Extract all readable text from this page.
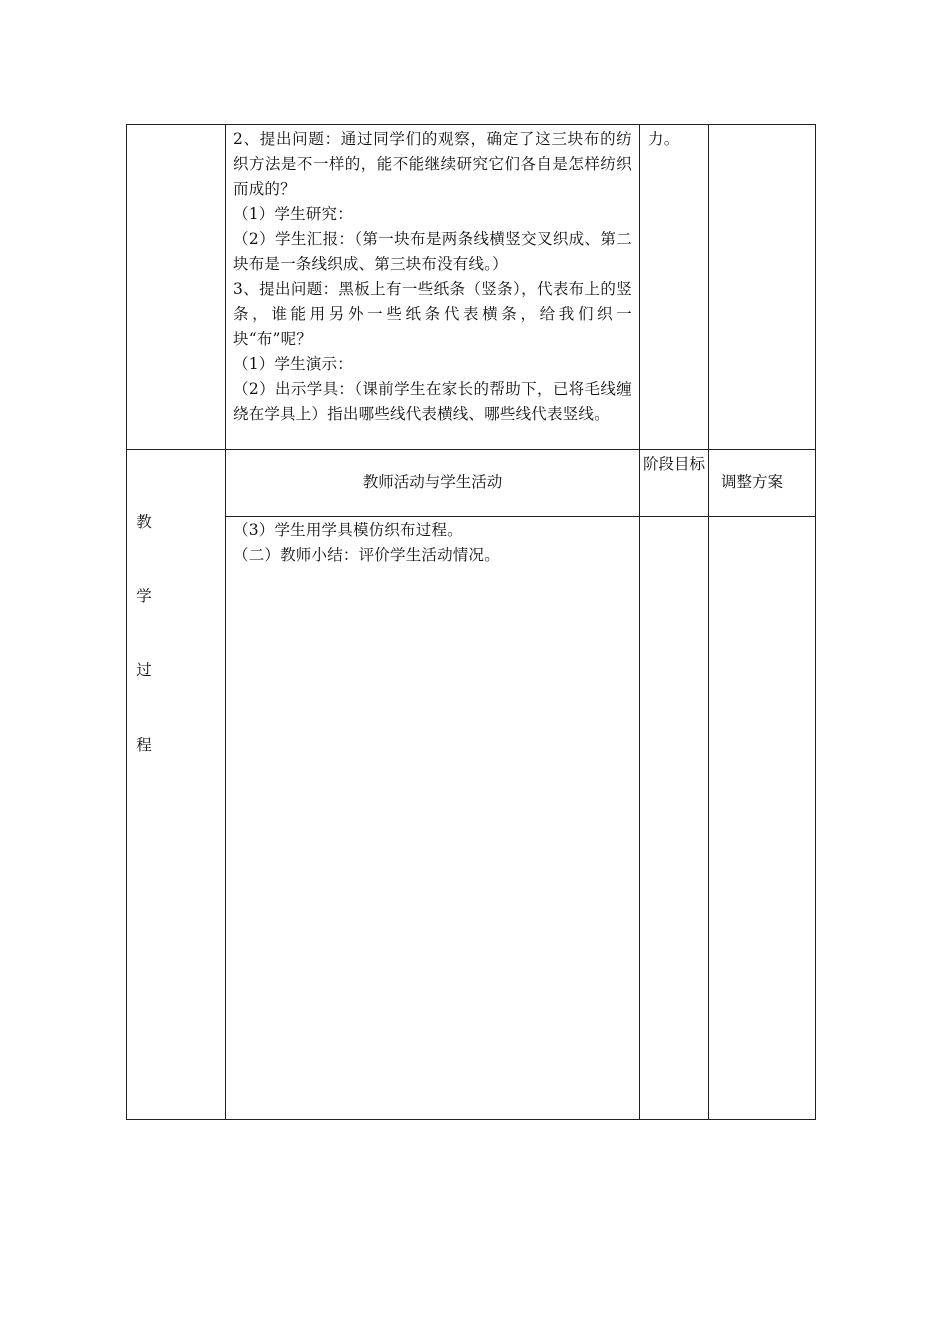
2、提出问题：通过同学们的观察，确定了这三块布的纺织方法是不一样的，能不能继续研究它们各自是怎样纺织而成的？
（1）学生研究：
（2）学生汇报：（第一块布是两条线横竖交叉织成、第二块布是一条线织成、第三块布没有线。）
3、提出问题：黑板上有一些纸条（竖条），代表布上的竖条，谁能用另外一些纸条代表横条，给我们织一块“布”呢？
（1）学生演示：
（2）出示学具：（课前学生在家长的帮助下，已将毛线缠绕在学具上）指出哪些线代表横线、哪些线代表竖线。
力。
教师活动与学生活动
阶段目标
调整方案
教
学
过
程
（3）学生用学具模仿织布过程。
（二）教师小结：评价学生活动情况。
